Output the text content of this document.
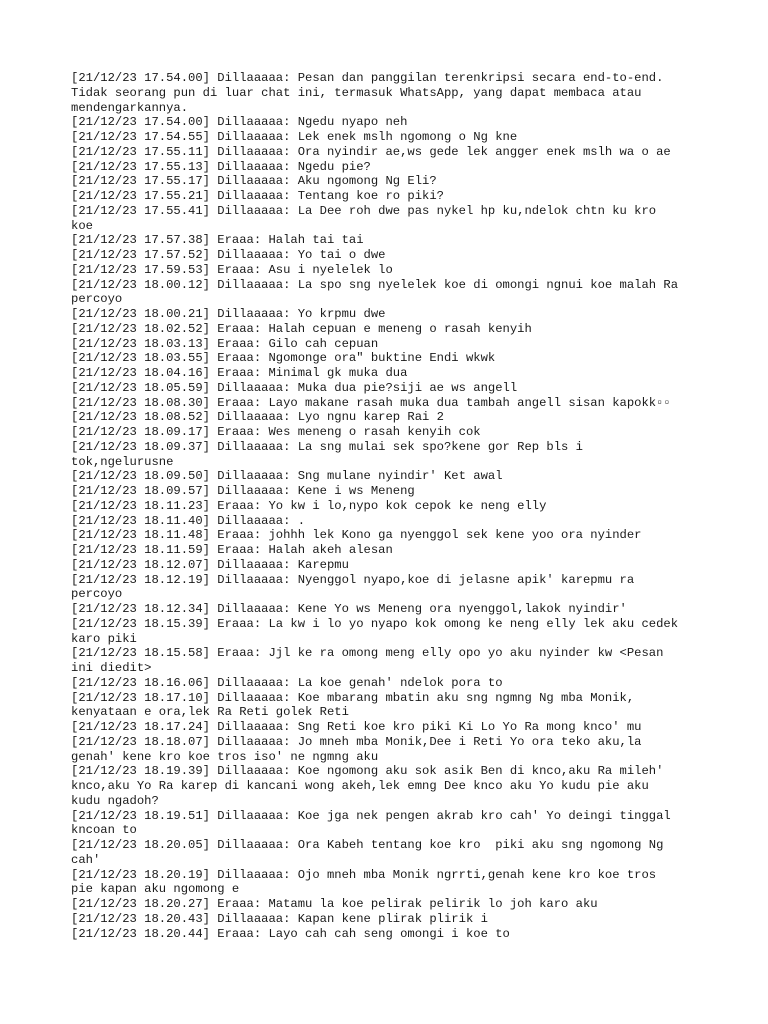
[21/12/23 17.54.00] Dillaaaaa: Pesan dan panggilan terenkripsi secara end-to-end.
Tidak seorang pun di luar chat ini, termasuk WhatsApp, yang dapat membaca atau
mendengarkannya.
[21/12/23 17.54.00] Dillaaaaa: Ngedu nyapo neh
[21/12/23 17.54.55] Dillaaaaa: Lek enek mslh ngomong o Ng kne
[21/12/23 17.55.11] Dillaaaaa: Ora nyindir ae,ws gede lek angger enek mslh wa o ae
[21/12/23 17.55.13] Dillaaaaa: Ngedu pie?
[21/12/23 17.55.17] Dillaaaaa: Aku ngomong Ng Eli?
[21/12/23 17.55.21] Dillaaaaa: Tentang koe ro piki?
[21/12/23 17.55.41] Dillaaaaa: La Dee roh dwe pas nykel hp ku,ndelok chtn ku kro
koe
[21/12/23 17.57.38] Eraaa: Halah tai tai
[21/12/23 17.57.52] Dillaaaaa: Yo tai o dwe
[21/12/23 17.59.53] Eraaa: Asu i nyelelek lo
[21/12/23 18.00.12] Dillaaaaa: La spo sng nyelelek koe di omongi ngnui koe malah Ra
percoyo
[21/12/23 18.00.21] Dillaaaaa: Yo krpmu dwe
[21/12/23 18.02.52] Eraaa: Halah cepuan e meneng o rasah kenyih
[21/12/23 18.03.13] Eraaa: Gilo cah cepuan
[21/12/23 18.03.55] Eraaa: Ngomonge ora" buktine Endi wkwk
[21/12/23 18.04.16] Eraaa: Minimal gk muka dua
[21/12/23 18.05.59] Dillaaaaa: Muka dua pie?siji ae ws angell
[21/12/23 18.08.30] Eraaa: Layo makane rasah muka dua tambah angell sisan kapokk▫▫
[21/12/23 18.08.52] Dillaaaaa: Lyo ngnu karep Rai 2
[21/12/23 18.09.17] Eraaa: Wes meneng o rasah kenyih cok
[21/12/23 18.09.37] Dillaaaaa: La sng mulai sek spo?kene gor Rep bls i
tok,ngelurusne
[21/12/23 18.09.50] Dillaaaaa: Sng mulane nyindir' Ket awal
[21/12/23 18.09.57] Dillaaaaa: Kene i ws Meneng
[21/12/23 18.11.23] Eraaa: Yo kw i lo,nypo kok cepok ke neng elly
[21/12/23 18.11.40] Dillaaaaa: .
[21/12/23 18.11.48] Eraaa: johhh lek Kono ga nyenggol sek kene yoo ora nyinder
[21/12/23 18.11.59] Eraaa: Halah akeh alesan
[21/12/23 18.12.07] Dillaaaaa: Karepmu
[21/12/23 18.12.19] Dillaaaaa: Nyenggol nyapo,koe di jelasne apik' karepmu ra
percoyo
[21/12/23 18.12.34] Dillaaaaa: Kene Yo ws Meneng ora nyenggol,lakok nyindir'
[21/12/23 18.15.39] Eraaa: La kw i lo yo nyapo kok omong ke neng elly lek aku cedek
karo piki
[21/12/23 18.15.58] Eraaa: Jjl ke ra omong meng elly opo yo aku nyinder kw <Pesan
ini diedit>
[21/12/23 18.16.06] Dillaaaaa: La koe genah' ndelok pora to
[21/12/23 18.17.10] Dillaaaaa: Koe mbarang mbatin aku sng ngmng Ng mba Monik,
kenyataan e ora,lek Ra Reti golek Reti
[21/12/23 18.17.24] Dillaaaaa: Sng Reti koe kro piki Ki Lo Yo Ra mong knco' mu
[21/12/23 18.18.07] Dillaaaaa: Jo mneh mba Monik,Dee i Reti Yo ora teko aku,la
genah' kene kro koe tros iso' ne ngmng aku
[21/12/23 18.19.39] Dillaaaaa: Koe ngomong aku sok asik Ben di knco,aku Ra mileh'
knco,aku Yo Ra karep di kancani wong akeh,lek emng Dee knco aku Yo kudu pie aku
kudu ngadoh?
[21/12/23 18.19.51] Dillaaaaa: Koe jga nek pengen akrab kro cah' Yo deingi tinggal
kncoan to
[21/12/23 18.20.05] Dillaaaaa: Ora Kabeh tentang koe kro  piki aku sng ngomong Ng
cah'
[21/12/23 18.20.19] Dillaaaaa: Ojo mneh mba Monik ngrrti,genah kene kro koe tros
pie kapan aku ngomong e
[21/12/23 18.20.27] Eraaa: Matamu la koe pelirak pelirik lo joh karo aku
[21/12/23 18.20.43] Dillaaaaa: Kapan kene plirak plirik i
[21/12/23 18.20.44] Eraaa: Layo cah cah seng omongi i koe to
